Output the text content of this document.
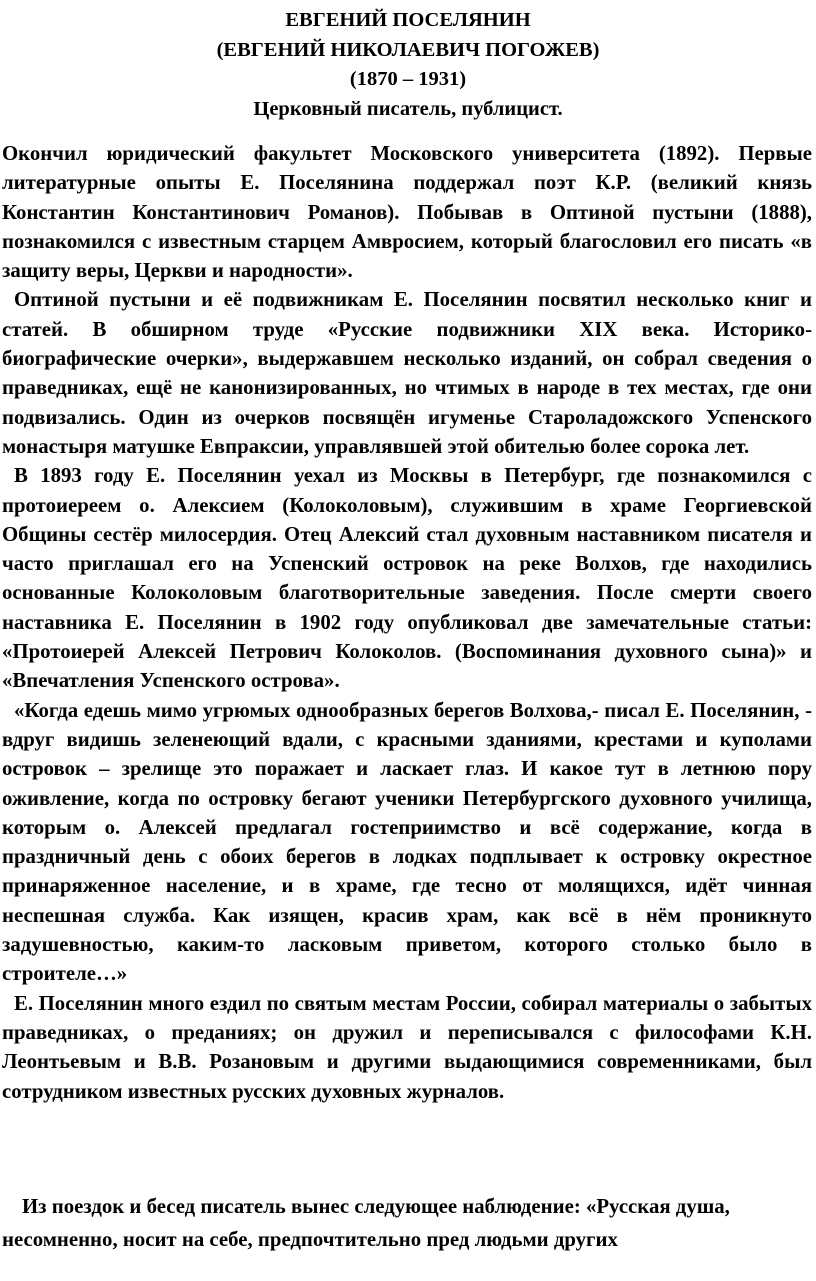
ЕВГЕНИЙ ПОСЕЛЯНИН
(ЕВГЕНИЙ НИКОЛАЕВИЧ ПОГОЖЕВ)
(1870 – 1931)
Церковный писатель, публицист.

Окончил юридический факультет Московского университета (1892). Первые литературные опыты Е. Поселянина поддержал поэт К.Р. (великий князь Константин Константинович Романов). Побывав в Оптиной пустыни (1888), познакомился с известным старцем Амвросием, который благословил его писать «в защиту веры, Церкви и народности».

Оптиной пустыни и её подвижникам Е. Поселянин посвятил несколько книг и статей. В обширном труде «Русские подвижники XIX века. Историко-биографические очерки», выдержавшем несколько изданий, он собрал сведения о праведниках, ещё не канонизированных, но чтимых в народе в тех местах, где они подвизались. Один из очерков посвящён игуменье Староладожского Успенского монастыря матушке Евпраксии, управлявшей этой обителью более сорока лет.

В 1893 году Е. Поселянин уехал из Москвы в Петербург, где познакомился с протоиереем о. Алексием (Колоколовым), служившим в храме Георгиевской Общины сестёр милосердия. Отец Алексий стал духовным наставником писателя и часто приглашал его на Успенский островок на реке Волхов, где находились основанные Колоколовым благотворительные заведения. После смерти своего наставника Е. Поселянин в 1902 году опубликовал две замечательные статьи: «Протоиерей Алексей Петрович Колоколов. (Воспоминания духовного сына)» и «Впечатления Успенского острова».

«Когда едешь мимо угрюмых однообразных берегов Волхова,- писал Е. Поселянин, - вдруг видишь зеленеющий вдали, с красными зданиями, крестами и куполами островок – зрелище это поражает и ласкает глаз. И какое тут в летнюю пору оживление, когда по островку бегают ученики Петербургского духовного училища, которым о. Алексей предлагал гостеприимство и всё содержание, когда в праздничный день с обоих берегов в лодках подплывает к островку окрестное принаряженное население, и в храме, где тесно от молящихся, идёт чинная неспешная служба. Как изящен, красив храм, как всё в нём проникнуто задушевностью, каким-то ласковым приветом, которого столько было в строителе…»

Е. Поселянин много ездил по святым местам России, собирал материалы о забытых праведниках, о преданиях; он дружил и переписывался с философами К.Н. Леонтьевым и В.В. Розановым и другими выдающимися современниками, был сотрудником известных русских духовных журналов.

Из поездок и бесед писатель вынес следующее наблюдение: «Русская душа, несомненно, носит на себе, предпочтительно пред людьми других
